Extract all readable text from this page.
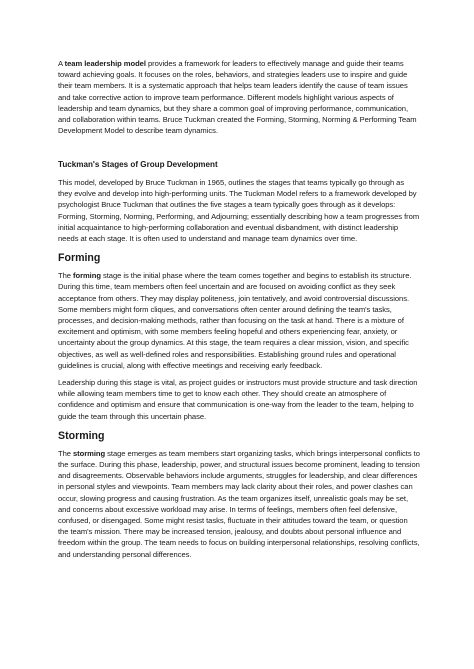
A team leadership model provides a framework for leaders to effectively manage and guide their teams toward achieving goals. It focuses on the roles, behaviors, and strategies leaders use to inspire and guide their team members. It is a systematic approach that helps team leaders identify the cause of team issues and take corrective action to improve team performance. Different models highlight various aspects of leadership and team dynamics, but they share a common goal of improving performance, communication, and collaboration within teams. Bruce Tuckman created the Forming, Storming, Norming & Performing Team Development Model to describe team dynamics.

Tuckman's Stages of Group Development

This model, developed by Bruce Tuckman in 1965, outlines the stages that teams typically go through as they evolve and develop into high-performing units. The Tuckman Model refers to a framework developed by psychologist Bruce Tuckman that outlines the five stages a team typically goes through as it develops: Forming, Storming, Norming, Performing, and Adjourning; essentially describing how a team progresses from initial acquaintance to high-performing collaboration and eventual disbandment, with distinct leadership needs at each stage. It is often used to understand and manage team dynamics over time.

Forming

The forming stage is the initial phase where the team comes together and begins to establish its structure. During this time, team members often feel uncertain and are focused on avoiding conflict as they seek acceptance from others. They may display politeness, join tentatively, and avoid controversial discussions. Some members might form cliques, and conversations often center around defining the team's tasks, processes, and decision-making methods, rather than focusing on the task at hand. There is a mixture of excitement and optimism, with some members feeling hopeful and others experiencing fear, anxiety, or uncertainty about the group dynamics. At this stage, the team requires a clear mission, vision, and specific objectives, as well as well-defined roles and responsibilities. Establishing ground rules and operational guidelines is crucial, along with effective meetings and receiving early feedback.

Leadership during this stage is vital, as project guides or instructors must provide structure and task direction while allowing team members time to get to know each other. They should create an atmosphere of confidence and optimism and ensure that communication is one-way from the leader to the team, helping to guide the team through this uncertain phase.

Storming

The storming stage emerges as team members start organizing tasks, which brings interpersonal conflicts to the surface. During this phase, leadership, power, and structural issues become prominent, leading to tension and disagreements. Observable behaviors include arguments, struggles for leadership, and clear differences in personal styles and viewpoints. Team members may lack clarity about their roles, and power clashes can occur, slowing progress and causing frustration. As the team organizes itself, unrealistic goals may be set, and concerns about excessive workload may arise. In terms of feelings, members often feel defensive, confused, or disengaged. Some might resist tasks, fluctuate in their attitudes toward the team, or question the team's mission. There may be increased tension, jealousy, and doubts about personal influence and freedom within the group. The team needs to focus on building interpersonal relationships, resolving conflicts, and understanding personal differences.
